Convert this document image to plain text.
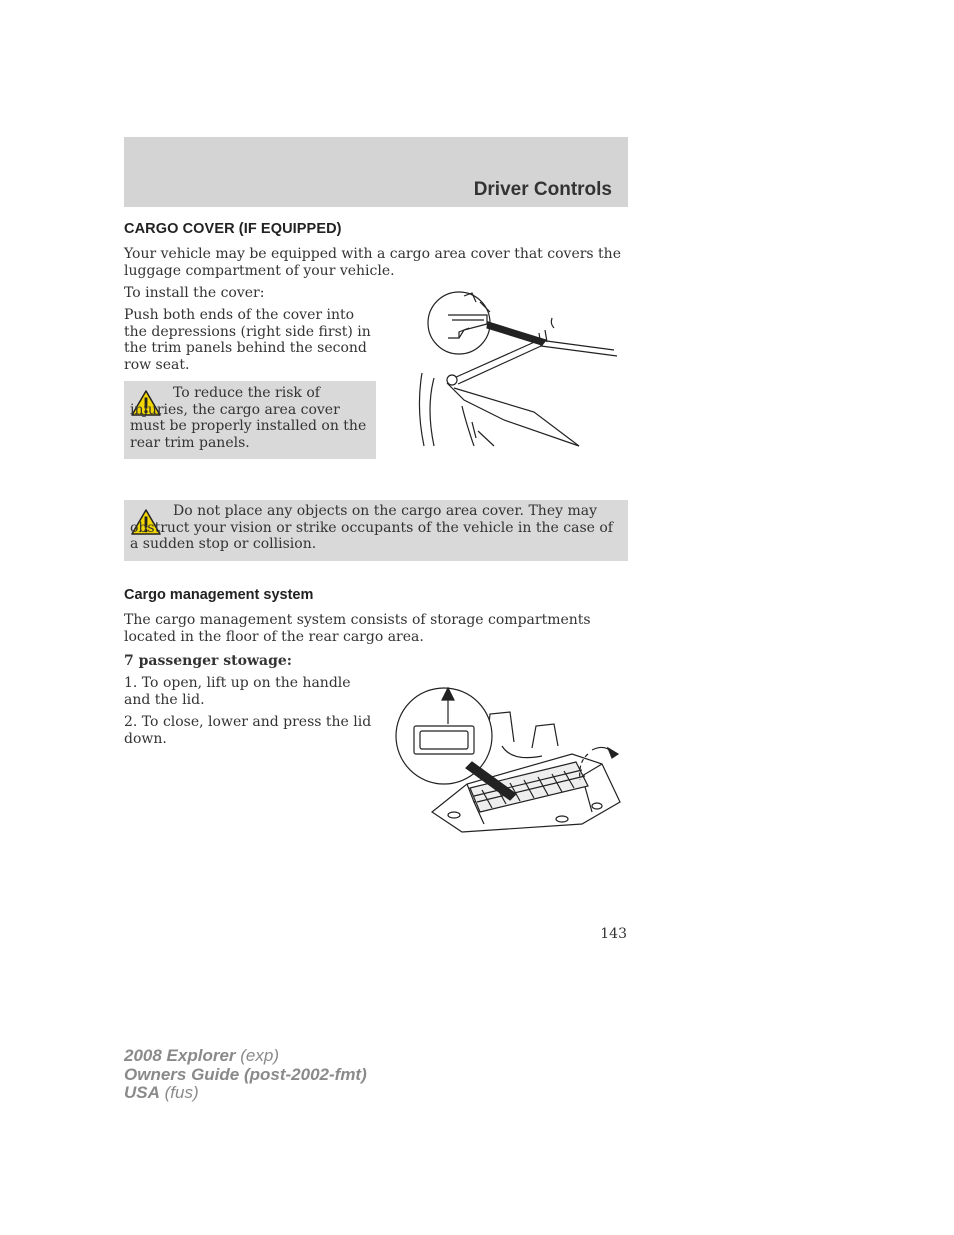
Driver Controls
CARGO COVER (IF EQUIPPED)
Your vehicle may be equipped with a cargo area cover that covers the luggage compartment of your vehicle.
To install the cover:
Push both ends of the cover into the depressions (right side first) in the trim panels behind the second row seat.
To reduce the risk of injuries, the cargo area cover must be properly installed on the rear trim panels.
Do not place any objects on the cargo area cover. They may obstruct your vision or strike occupants of the vehicle in the case of a sudden stop or collision.
Cargo management system
The cargo management system consists of storage compartments located in the floor of the rear cargo area.
7 passenger stowage:
1. To open, lift up on the handle and the lid.
2. To close, lower and press the lid down.
143
2008 Explorer (exp)
Owners Guide (post-2002-fmt)
USA (fus)
